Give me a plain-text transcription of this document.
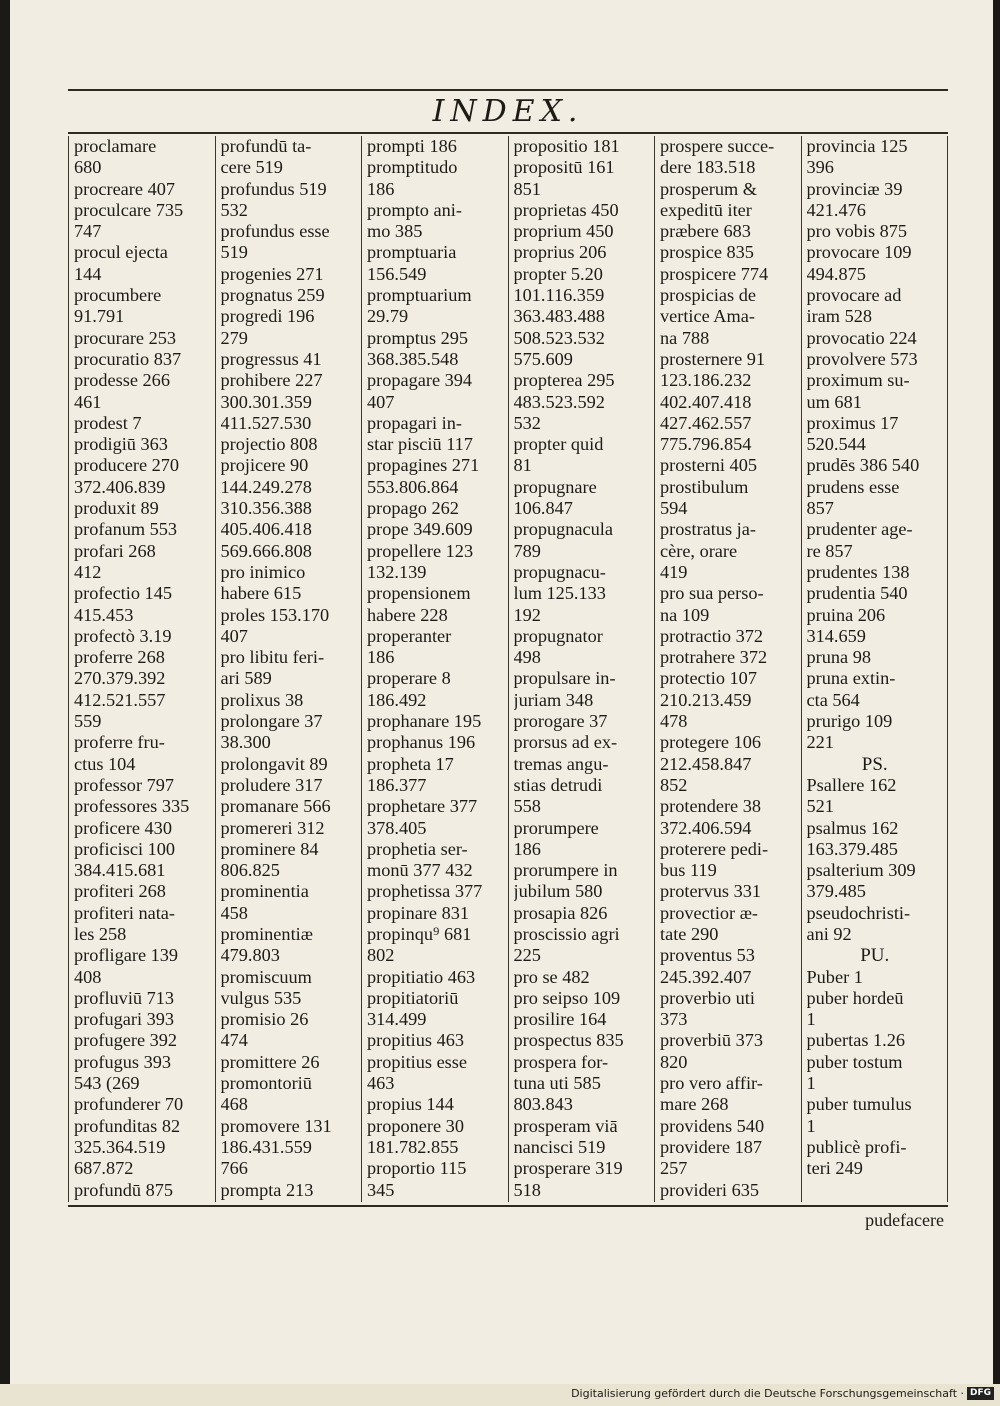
INDEX.
proclamare
680
procreare 407
proculcare 735
747
procul ejecta
144
procumbere
91.791
procurare 253
procuratio 837
prodesse 266
461
prodest 7
prodigiū 363
producere 270
372.406.839
produxit 89
profanum 553
profari 268
412
profectio 145
415.453
profectò 3.19
proferre 268
270.379.392
412.521.557
559
proferre fru-
ctus 104
professor 797
professores 335
proficere 430
proficisci 100
384.415.681
profiteri 268
profiteri nata-
les 258
profligare 139
408
profluviū 713
profugari 393
profugere 392
profugus 393
543 (269
profunderer 70
profunditas 82
325.364.519
687.872
profundū 875
profundū ta-
cere 519
profundus 519
532
profundus esse
519
progenies 271
prognatus 259
progredi 196
279
progressus 41
prohibere 227
300.301.359
411.527.530
projectio 808
projicere 90
144.249.278
310.356.388
405.406.418
569.666.808
pro inimico
habere 615
proles 153.170
407
pro libitu feri-
ari 589
prolixus 38
prolongare 37
38.300
prolongavit 89
proludere 317
promanare 566
promereri 312
prominere 84
806.825
prominentia
458
prominentiæ
479.803
promiscuum
vulgus 535
promisio 26
474
promittere 26
promontoriū
468
promovere 131
186.431.559
766
prompta 213
prompti 186
promptitudo
186
prompto ani-
mo 385
promptuaria
156.549
promptuarium
29.79
promptus 295
368.385.548
propagare 394
407
propagari in-
star pisciū 117
propagines 271
553.806.864
propago 262
prope 349.609
propellere 123
132.139
propensionem
habere 228
properanter
186
properare 8
186.492
prophanare 195
prophanus 196
propheta 17
186.377
prophetare 377
378.405
prophetia ser-
monū 377 432
prophetissa 377
propinare 831
propinqu⁹ 681
802
propitiatio 463
propitiatoriū
314.499
propitius 463
propitius esse
463
propius 144
proponere 30
181.782.855
proportio 115
345
propositio 181
propositū 161
851
proprietas 450
proprium 450
proprius 206
propter 5.20
101.116.359
363.483.488
508.523.532
575.609
propterea 295
483.523.592
532
propter quid
81
propugnare
106.847
propugnacula
789
propugnacu-
lum 125.133
192
propugnator
498
propulsare in-
juriam 348
prorogare 37
prorsus ad ex-
tremas angu-
stias detrudi
558
prorumpere
186
prorumpere in
jubilum 580
prosapia 826
proscissio agri
225
pro se 482
pro seipso 109
prosilire 164
prospectus 835
prospera for-
tuna uti 585
803.843
prosperam viā
nancisci 519
prosperare 319
518
prospere succe-
dere 183.518
prosperum &
expeditū iter
præbere 683
prospice 835
prospicere 774
prospicias de
vertice Ama-
na 788
prosternere 91
123.186.232
402.407.418
427.462.557
775.796.854
prosterni 405
prostibulum
594
prostratus ja-
cère, orare
419
pro sua perso-
na 109
protractio 372
protrahere 372
protectio 107
210.213.459
478
protegere 106
212.458.847
852
protendere 38
372.406.594
proterere pedi-
bus 119
protervus 331
provectior æ-
tate 290
proventus 53
245.392.407
proverbio uti
373
proverbiū 373
820
pro vero affir-
mare 268
providens 540
providere 187
257
provideri 635
provincia 125
396
provinciæ 39
421.476
pro vobis 875
provocare 109
494.875
provocare ad
iram 528
provocatio 224
provolvere 573
proximum su-
um 681
proximus 17
520.544
prudēs 386 540
prudens esse
857
prudenter age-
re 857
prudentes 138
prudentia 540
pruina 206
314.659
pruna 98
pruna extin-
cta 564
prurigo 109
221
PS.
Psallere 162
521
psalmus 162
163.379.485
psalterium 309
379.485
pseudochristi-
ani 92
PU.
Puber 1
puber hordeū
1
pubertas 1.26
puber tostum
1
puber tumulus
1
publicè profi-
teri 249
pudefacere
Digitalisierung gefördert durch die Deutsche Forschungsgemeinschaft · DFG
